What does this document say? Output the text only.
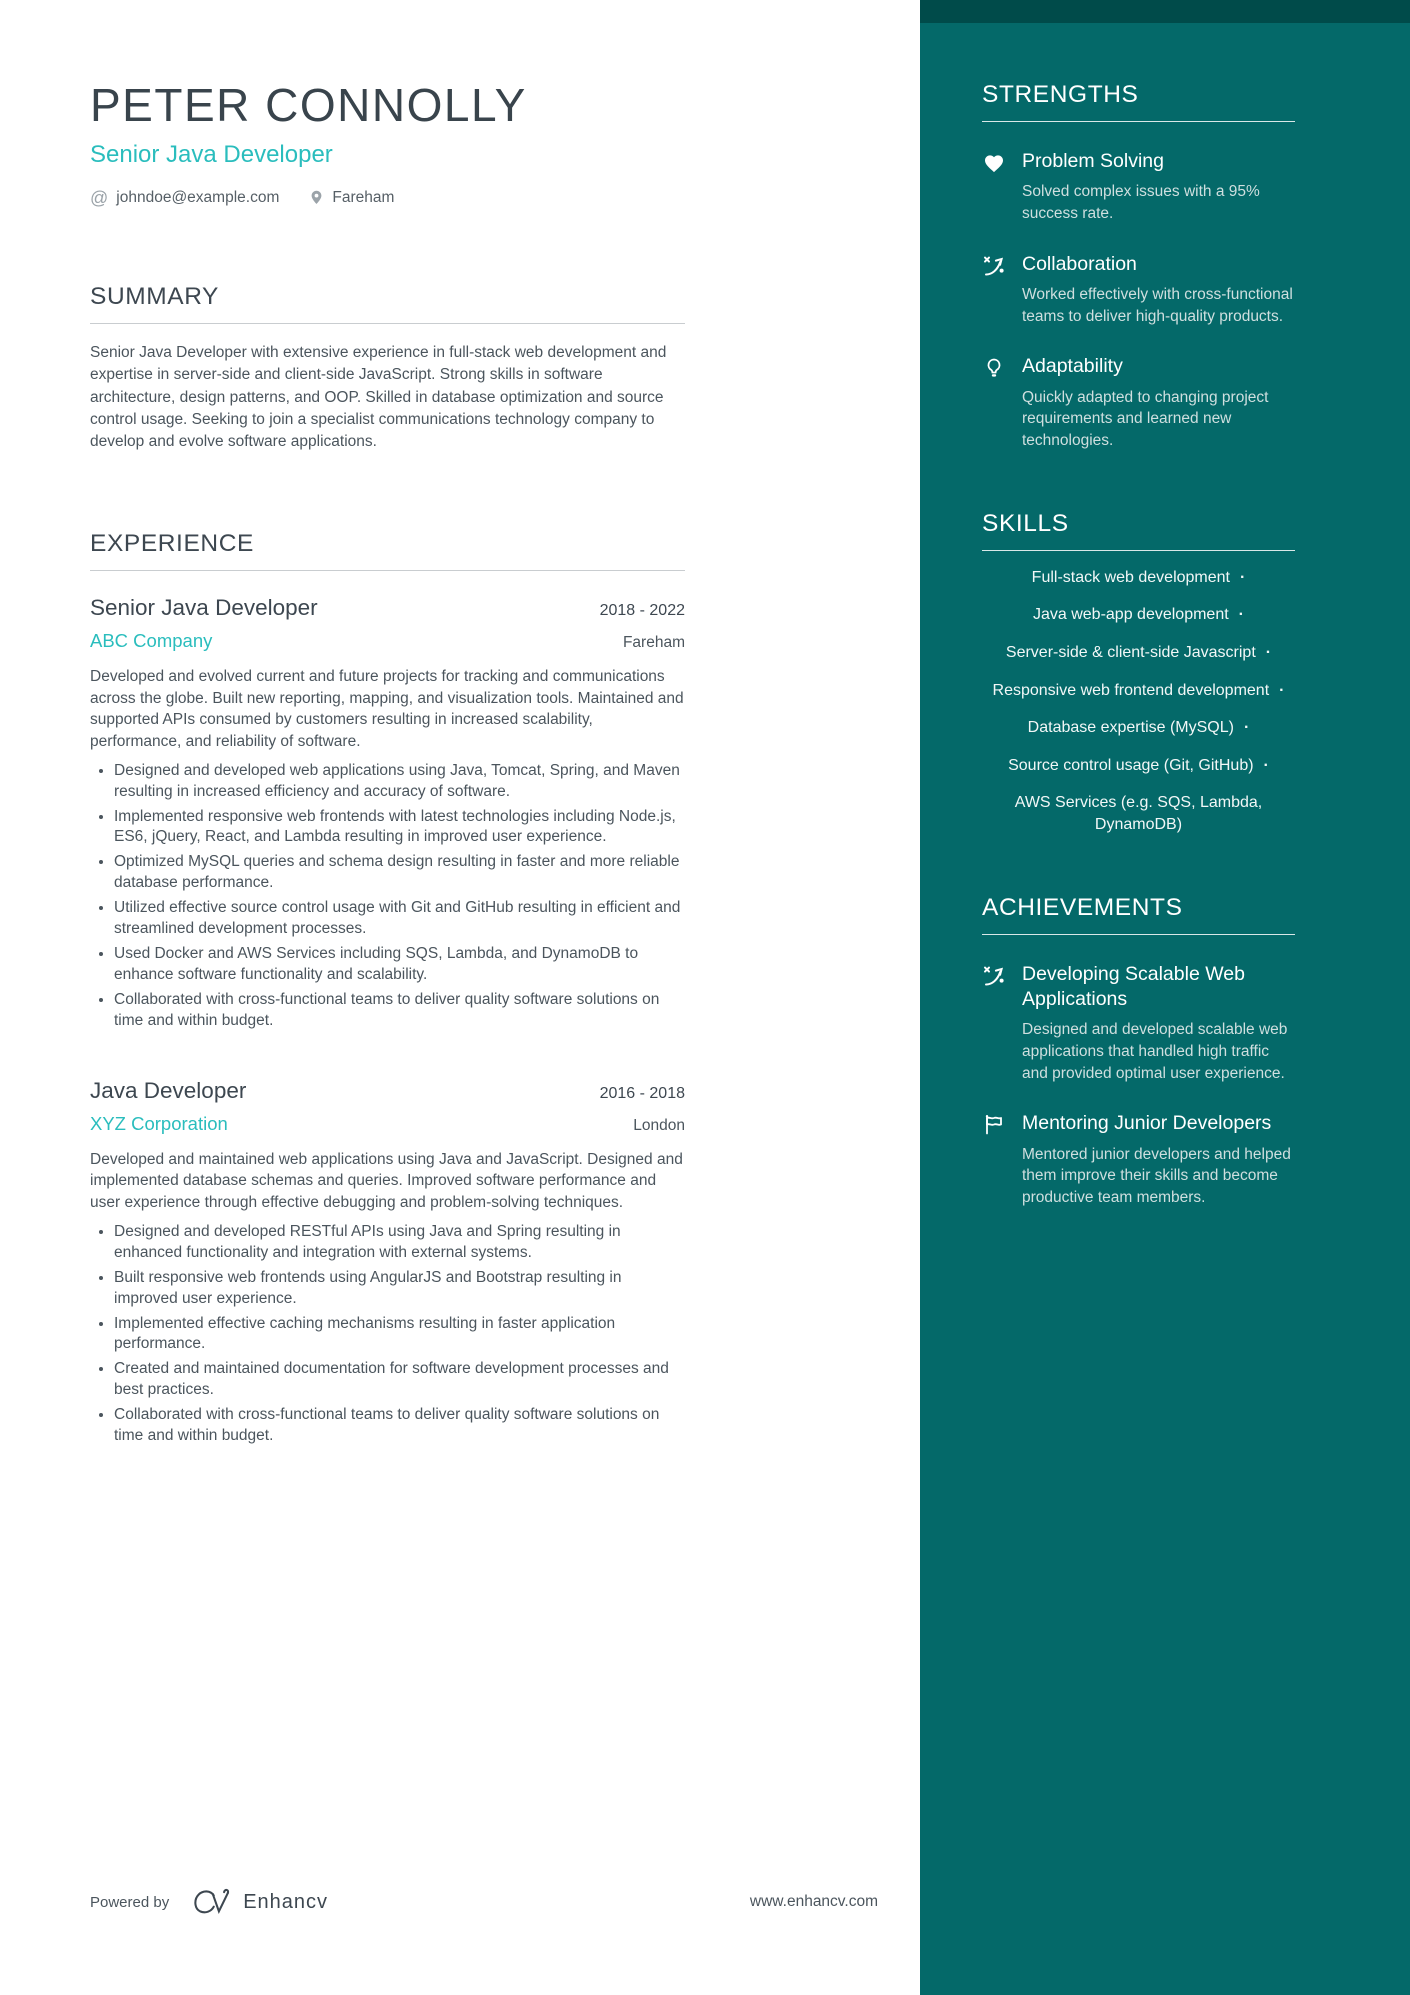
PETER CONNOLLY
Senior Java Developer
@ johndoe@example.com	Fareham
SUMMARY
Senior Java Developer with extensive experience in full-stack web development and expertise in server-side and client-side JavaScript. Strong skills in software architecture, design patterns, and OOP. Skilled in database optimization and source control usage. Seeking to join a specialist communications technology company to develop and evolve software applications.
EXPERIENCE
Senior Java Developer	2018 - 2022
ABC Company	Fareham
Developed and evolved current and future projects for tracking and communications across the globe. Built new reporting, mapping, and visualization tools. Maintained and supported APIs consumed by customers resulting in increased scalability, performance, and reliability of software.
• Designed and developed web applications using Java, Tomcat, Spring, and Maven resulting in increased efficiency and accuracy of software.
• Implemented responsive web frontends with latest technologies including Node.js, ES6, jQuery, React, and Lambda resulting in improved user experience.
• Optimized MySQL queries and schema design resulting in faster and more reliable database performance.
• Utilized effective source control usage with Git and GitHub resulting in efficient and streamlined development processes.
• Used Docker and AWS Services including SQS, Lambda, and DynamoDB to enhance software functionality and scalability.
• Collaborated with cross-functional teams to deliver quality software solutions on time and within budget.
Java Developer	2016 - 2018
XYZ Corporation	London
Developed and maintained web applications using Java and JavaScript. Designed and implemented database schemas and queries. Improved software performance and user experience through effective debugging and problem-solving techniques.
• Designed and developed RESTful APIs using Java and Spring resulting in enhanced functionality and integration with external systems.
• Built responsive web frontends using AngularJS and Bootstrap resulting in improved user experience.
• Implemented effective caching mechanisms resulting in faster application performance.
• Created and maintained documentation for software development processes and best practices.
• Collaborated with cross-functional teams to deliver quality software solutions on time and within budget.
Powered by	Enhancv	www.enhancv.com
STRENGTHS
Problem Solving
Solved complex issues with a 95% success rate.
Collaboration
Worked effectively with cross-functional teams to deliver high-quality products.
Adaptability
Quickly adapted to changing project requirements and learned new technologies.
SKILLS
Full-stack web development ·
Java web-app development ·
Server-side & client-side Javascript ·
Responsive web frontend development ·
Database expertise (MySQL) ·
Source control usage (Git, GitHub) ·
AWS Services (e.g. SQS, Lambda, DynamoDB)
ACHIEVEMENTS
Developing Scalable Web Applications
Designed and developed scalable web applications that handled high traffic and provided optimal user experience.
Mentoring Junior Developers
Mentored junior developers and helped them improve their skills and become productive team members.
